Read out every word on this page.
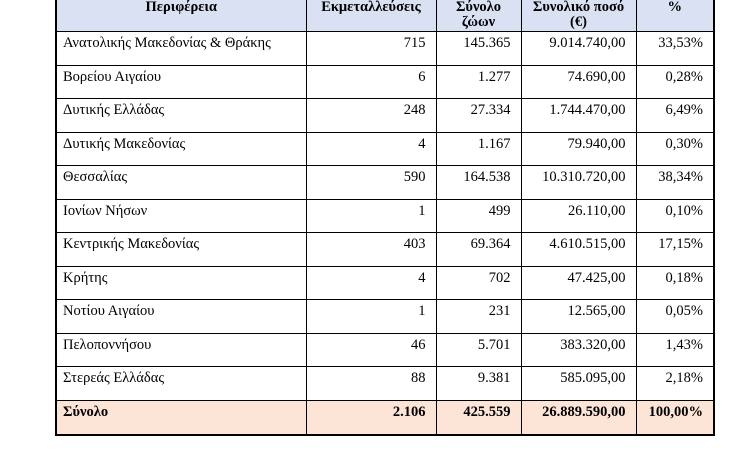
Περιφέρεια	Εκμεταλλεύσεις	Σύνολο ζώων	Συνολικό ποσό (€)	%
Ανατολικής Μακεδονίας & Θράκης	715	145.365	9.014.740,00	33,53%
Βορείου Αιγαίου	6	1.277	74.690,00	0,28%
Δυτικής Ελλάδας	248	27.334	1.744.470,00	6,49%
Δυτικής Μακεδονίας	4	1.167	79.940,00	0,30%
Θεσσαλίας	590	164.538	10.310.720,00	38,34%
Ιονίων Νήσων	1	499	26.110,00	0,10%
Κεντρικής Μακεδονίας	403	69.364	4.610.515,00	17,15%
Κρήτης	4	702	47.425,00	0,18%
Νοτίου Αιγαίου	1	231	12.565,00	0,05%
Πελοποννήσου	46	5.701	383.320,00	1,43%
Στερεάς Ελλάδας	88	9.381	585.095,00	2,18%
Σύνολο	2.106	425.559	26.889.590,00	100,00%
